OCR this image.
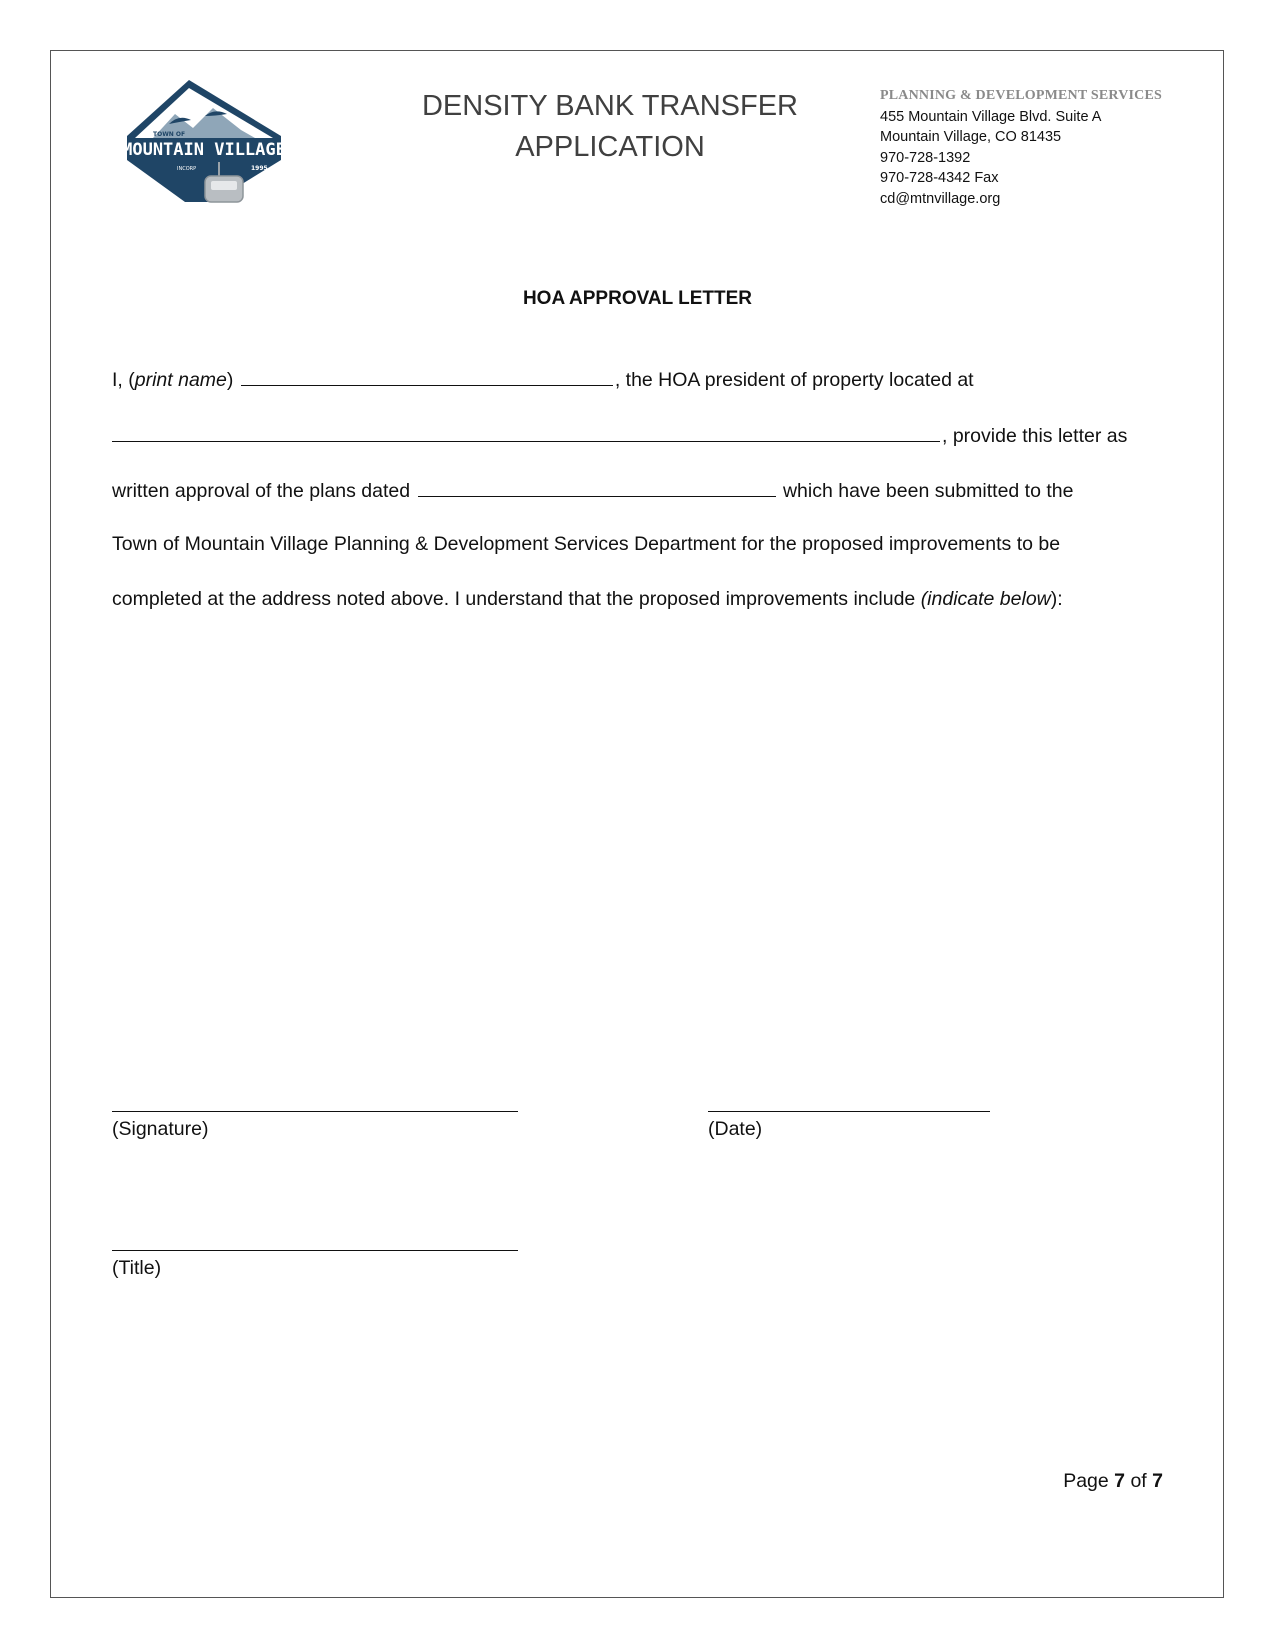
TOWN OF
MOUNTAIN VILLAGE
INCORP	1995
DENSITY BANK TRANSFER
APPLICATION
PLANNING & DEVELOPMENT SERVICES
455 Mountain Village Blvd. Suite A
Mountain Village, CO 81435
970-728-1392
970-728-4342 Fax
cd@mtnvillage.org
HOA APPROVAL LETTER
I, (print name)	, the HOA president of property located at
, provide this letter as
written approval of the plans dated	which have been submitted to the
Town of Mountain Village Planning & Development Services Department for the proposed improvements to be
completed at the address noted above. I understand that the proposed improvements include (indicate below):
(Signature)	(Date)
(Title)
Page 7 of 7
